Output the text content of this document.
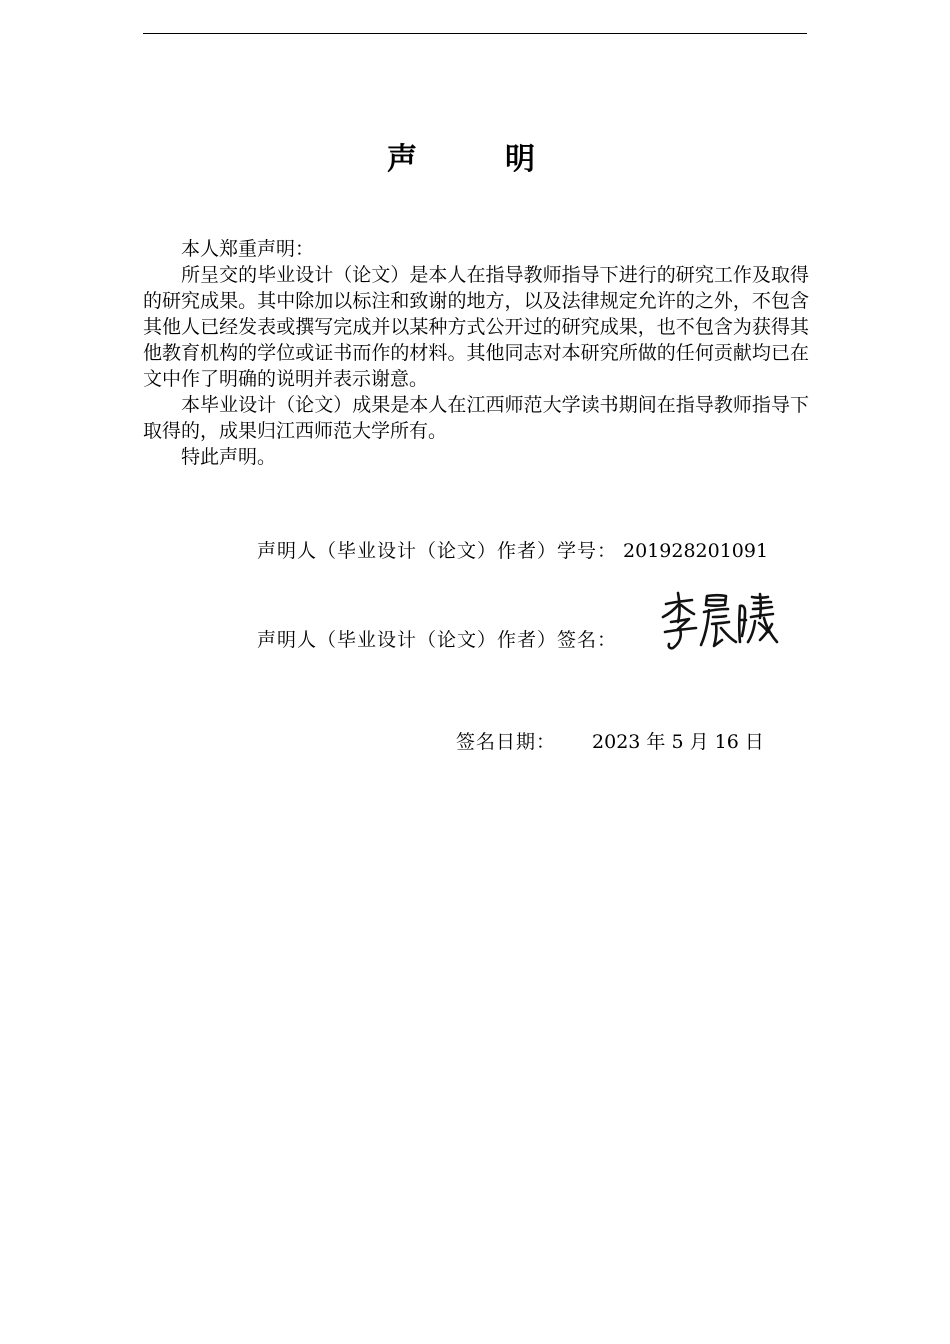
声明

本人郑重声明：

所呈交的毕业设计（论文）是本人在指导教师指导下进行的研究工作及取得的研究成果。其中除加以标注和致谢的地方，以及法律规定允许的之外，不包含其他人已经发表或撰写完成并以某种方式公开过的研究成果，也不包含为获得其他教育机构的学位或证书而作的材料。其他同志对本研究所做的任何贡献均已在文中作了明确的说明并表示谢意。

本毕业设计（论文）成果是本人在江西师范大学读书期间在指导教师指导下取得的，成果归江西师范大学所有。

特此声明。

声明人（毕业设计（论文）作者）学号： 201928201091
声明人（毕业设计（论文）作者）签名：
签名日期： 2023 年 5 月 16 日
